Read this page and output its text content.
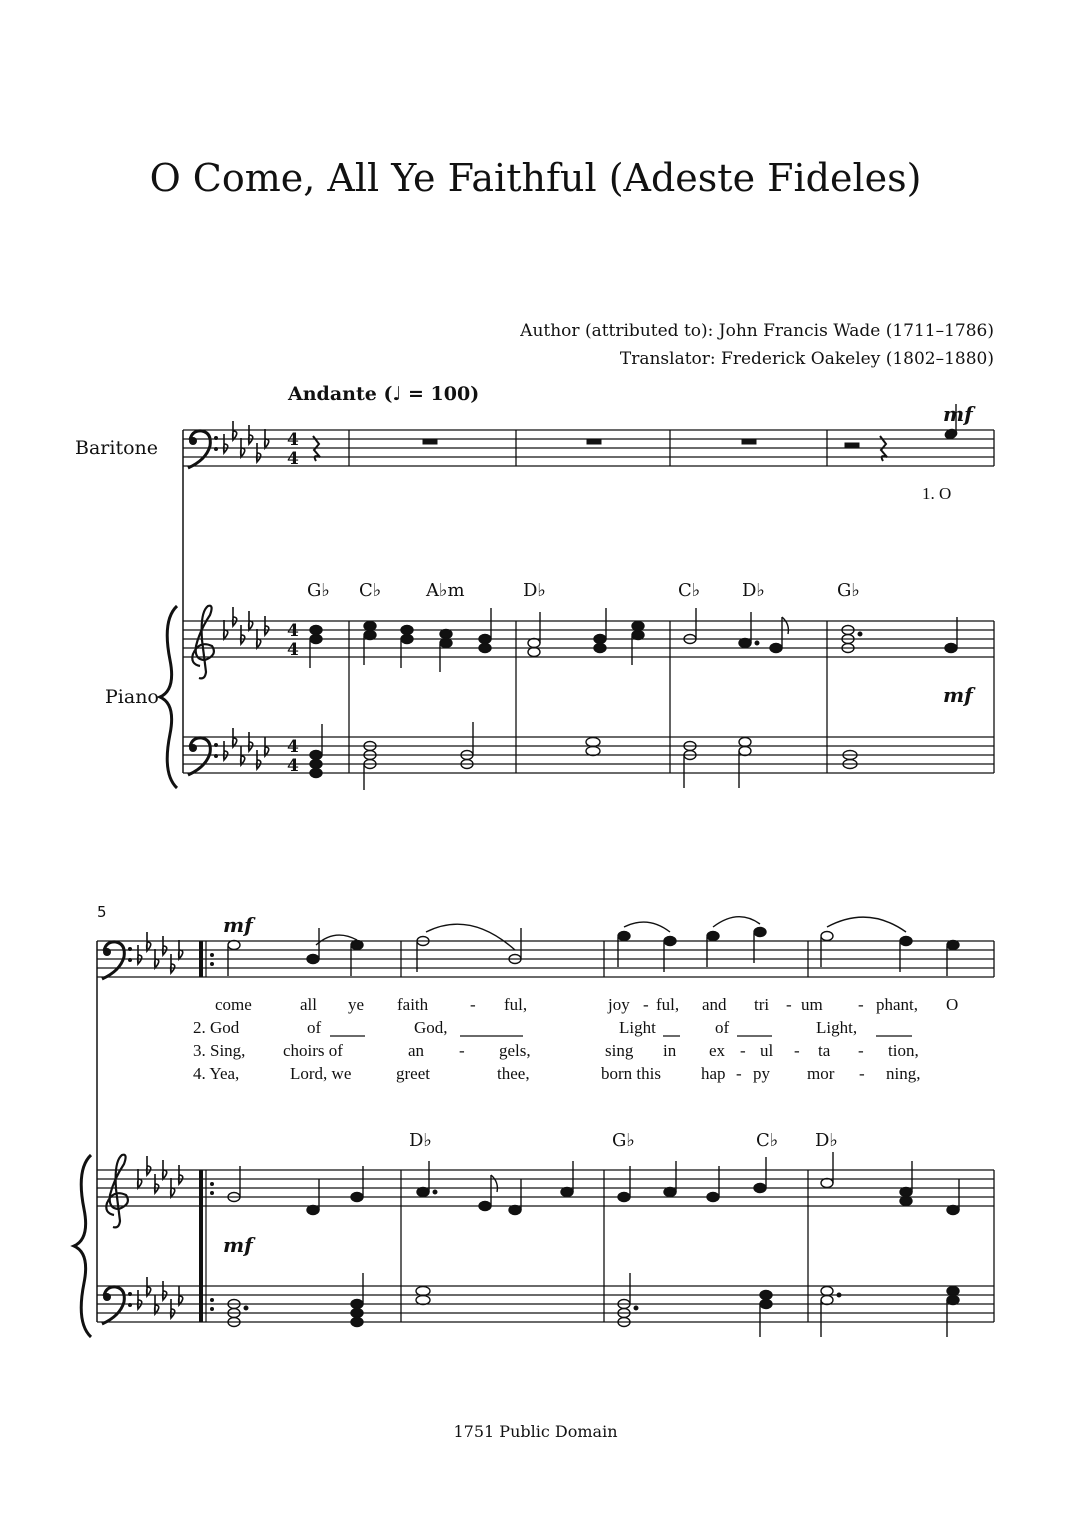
O Come, All Ye Faithful (Adeste Fideles)
Author (attributed to): John Francis Wade (1711–1786)
Translator: Frederick Oakeley (1802–1880)
Andante (♩ = 100)
Baritone
Piano
5
G♭ C♭ A♭m	D♭	C♭ D♭	G♭
D♭	G♭	C♭ D♭
mf
mf
mf
mf
1. O
come	all ye faith - ful,	joy - ful, and tri - um - phant, O
2. God	of	God,	Light	of	Light,
3. Sing, choirs of	an - gels,	sing in ex - ul - ta - tion,
4. Yea,	Lord, we	greet	thee,	born this hap - py mor - ning,
1751 Public Domain
4
4
4
4
4
4
